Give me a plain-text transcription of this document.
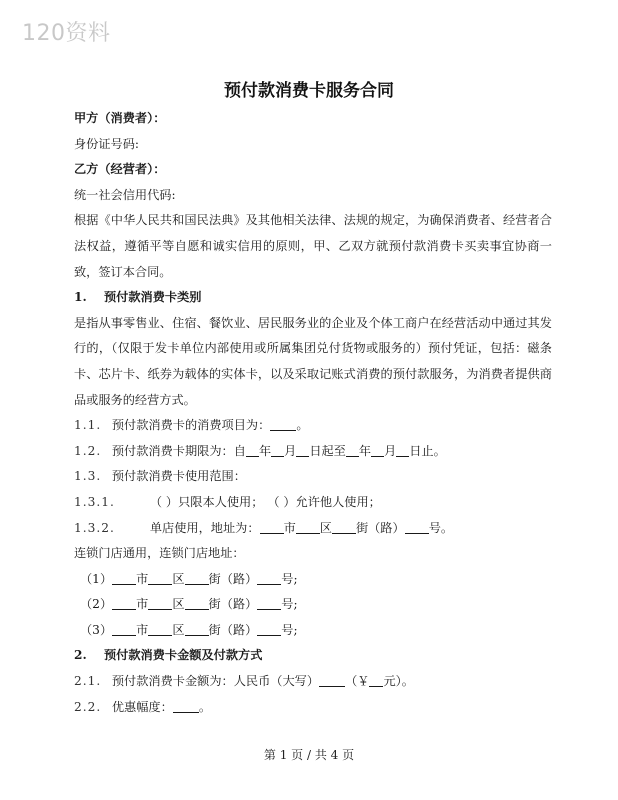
120资料
预付款消费卡服务合同
甲方（消费者）：
身份证号码:
乙方（经营者）：
统一社会信用代码:
根据《中华人民共和国民法典》及其他相关法律、法规的规定，为确保消费者、经营者合法权益，遵循平等自愿和诚实信用的原则，甲、乙双方就预付款消费卡买卖事宜协商一致，签订本合同。
1. 预付款消费卡类别
是指从事零售业、住宿、餐饮业、居民服务业的企业及个体工商户在经营活动中通过其发行的，（仅限于发卡单位内部使用或所属集团兑付货物或服务的）预付凭证，包括：磁条卡、芯片卡、纸券为载体的实体卡，以及采取记账式消费的预付款服务，为消费者提供商品或服务的经营方式。
1.1. 预付款消费卡的消费项目为： 。
1.2. 预付款消费卡期限为：自 年 月 日起至 年 月 日止。
1.3. 预付款消费卡使用范围：
1.3.1.	（ ）只限本人使用； （ ）允许他人使用；
1.3.2.	单店使用，地址为： 市 区 街（路） 号。
连锁门店通用，连锁门店地址：
（1） 市 区 街（路） 号;
（2） 市 区 街（路） 号;
（3） 市 区 街（路） 号;
2. 预付款消费卡金额及付款方式
2.1. 预付款消费卡金额为：人民币（大写） （￥ 元）。
2.2. 优惠幅度： 。
第 1 页 / 共 4 页
